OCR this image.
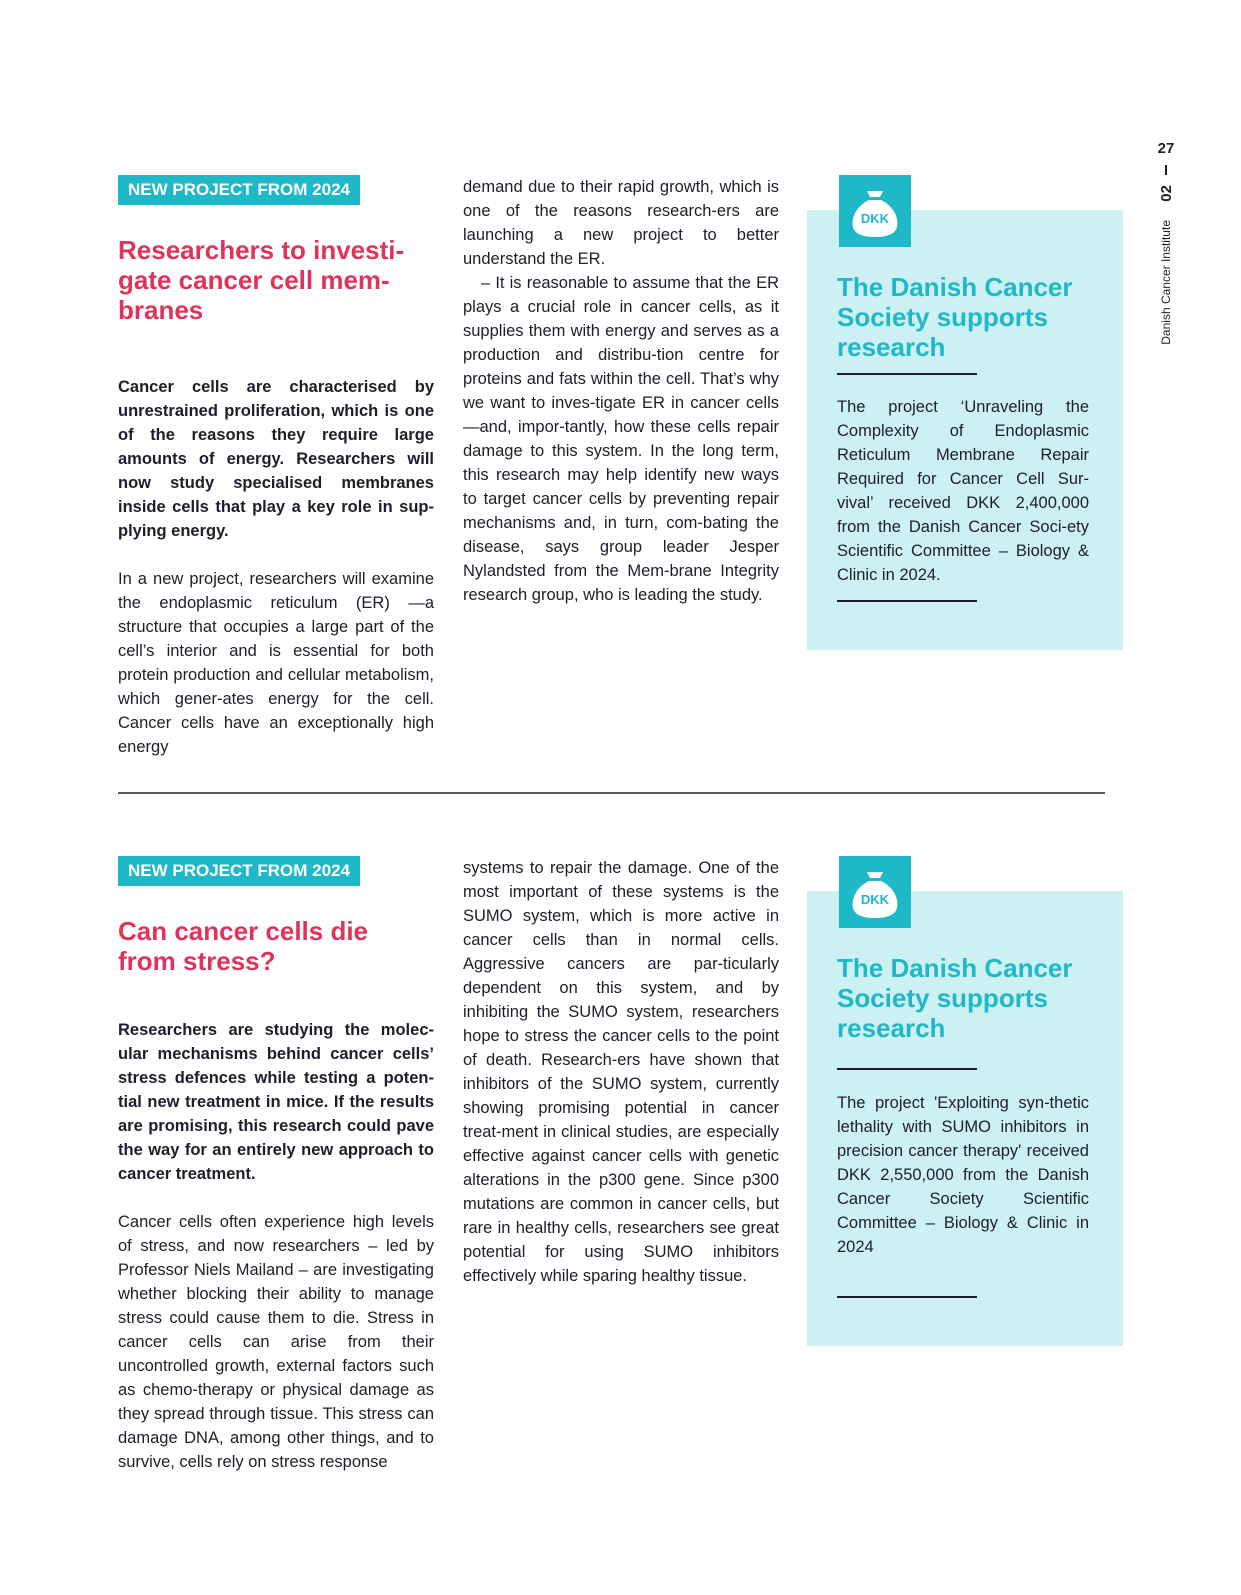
27
02
Danish Cancer Institute
NEW PROJECT FROM 2024
Researchers to investi-gate cancer cell mem-branes

Cancer cells are characterised by unrestrained proliferation, which is one of the reasons they require large amounts of energy. Researchers will now study specialised membranes inside cells that play a key role in sup-plying energy.

In a new project, researchers will examine the endoplasmic reticulum (ER) —a structure that occupies a large part of the cell’s interior and is essential for both protein production and cellular metabolism, which gener-ates energy for the cell. Cancer cells have an exceptionally high energy

demand due to their rapid growth, which is one of the reasons research-ers are launching a new project to better understand the ER.

– It is reasonable to assume that the ER plays a crucial role in cancer cells, as it supplies them with energy and serves as a production and distribu-tion centre for proteins and fats within the cell. That’s why we want to inves-tigate ER in cancer cells—and, impor-tantly, how these cells repair damage to this system. In the long term, this research may help identify new ways to target cancer cells by preventing repair mechanisms and, in turn, com-bating the disease, says group leader Jesper Nylandsted from the Mem-brane Integrity research group, who is leading the study.

DKK
The Danish Cancer Society supports research
The project ‘Unraveling the Complexity of Endoplasmic Reticulum Membrane Repair Required for Cancer Cell Sur-vival’ received DKK 2,400,000 from the Danish Cancer Soci-ety Scientific Committee – Biology & Clinic in 2024.
NEW PROJECT FROM 2024
Can cancer cells die from stress?

Researchers are studying the molec-ular mechanisms behind cancer cells’ stress defences while testing a poten-tial new treatment in mice. If the results are promising, this research could pave the way for an entirely new approach to cancer treatment.

Cancer cells often experience high levels of stress, and now researchers – led by Professor Niels Mailand – are investigating whether blocking their ability to manage stress could cause them to die. Stress in cancer cells can arise from their uncontrolled growth, external factors such as chemo-therapy or physical damage as they spread through tissue. This stress can damage DNA, among other things, and to survive, cells rely on stress response

systems to repair the damage. One of the most important of these systems is the SUMO system, which is more active in cancer cells than in normal cells. Aggressive cancers are par-ticularly dependent on this system, and by inhibiting the SUMO system, researchers hope to stress the cancer cells to the point of death. Research-ers have shown that inhibitors of the SUMO system, currently showing promising potential in cancer treat-ment in clinical studies, are especially effective against cancer cells with genetic alterations in the p300 gene. Since p300 mutations are common in cancer cells, but rare in healthy cells, researchers see great potential for using SUMO inhibitors effectively while sparing healthy tissue.

DKK
The Danish Cancer Society supports research
The project 'Exploiting syn-thetic lethality with SUMO inhibitors in precision cancer therapy' received DKK 2,550,000 from the Danish Cancer Society Scientific Committee – Biology & Clinic in 2024
